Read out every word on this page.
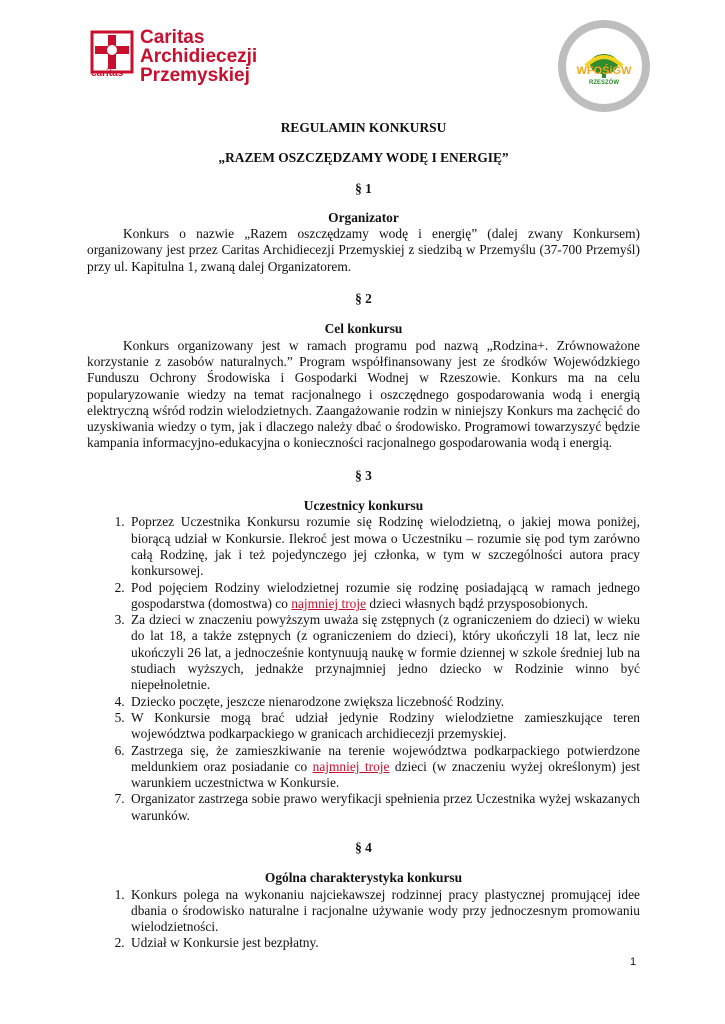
caritas
Caritas
Archidiecezji
Przemyskiej	WFOŚiGW
RZESZÓW
REGULAMIN KONKURSU
„RAZEM OSZCZĘDZAMY WODĘ I ENERGIĘ”
§ 1
Organizator

Konkurs o nazwie „Razem oszczędzamy wodę i energię” (dalej zwany Konkursem) organizowany jest przez Caritas Archidiecezji Przemyskiej z siedzibą w Przemyślu (37-700 Przemyśl) przy ul. Kapitulna 1, zwaną dalej Organizatorem.

§ 2
Cel konkursu

Konkurs organizowany jest w ramach programu pod nazwą „Rodzina+. Zrównoważone korzystanie z zasobów naturalnych.” Program współfinansowany jest ze środków Wojewódzkiego Funduszu Ochrony Środowiska i Gospodarki Wodnej w Rzeszowie. Konkurs ma na celu popularyzowanie wiedzy na temat racjonalnego i oszczędnego gospodarowania wodą i energią elektryczną wśród rodzin wielodzietnych. Zaangażowanie rodzin w niniejszy Konkurs ma zachęcić do uzyskiwania wiedzy o tym, jak i dlaczego należy dbać o środowisko. Programowi towarzyszyć będzie kampania informacyjno-edukacyjna o konieczności racjonalnego gospodarowania wodą i energią.

§ 3
Uczestnicy konkursu
1. Poprzez Uczestnika Konkursu rozumie się Rodzinę wielodzietną, o jakiej mowa poniżej, biorącą udział w Konkursie. Ilekroć jest mowa o Uczestniku – rozumie się pod tym zarówno całą Rodzinę, jak i też pojedynczego jej członka, w tym w szczególności autora pracy konkursowej.
2. Pod pojęciem Rodziny wielodzietnej rozumie się rodzinę posiadającą w ramach jednego gospodarstwa (domostwa) co najmniej troje dzieci własnych bądź przysposobionych.
3. Za dzieci w znaczeniu powyższym uważa się zstępnych (z ograniczeniem do dzieci) w wieku do lat 18, a także zstępnych (z ograniczeniem do dzieci), który ukończyli 18 lat, lecz nie ukończyli 26 lat, a jednocześnie kontynuują naukę w formie dziennej w szkole średniej lub na studiach wyższych, jednakże przynajmniej jedno dziecko w Rodzinie winno być niepełnoletnie.
4. Dziecko poczęte, jeszcze nienarodzone zwiększa liczebność Rodziny.
5. W Konkursie mogą brać udział jedynie Rodziny wielodzietne zamieszkujące teren województwa podkarpackiego w granicach archidiecezji przemyskiej.
6. Zastrzega się, że zamieszkiwanie na terenie województwa podkarpackiego potwierdzone meldunkiem oraz posiadanie co najmniej troje dzieci (w znaczeniu wyżej określonym) jest warunkiem uczestnictwa w Konkursie.
7. Organizator zastrzega sobie prawo weryfikacji spełnienia przez Uczestnika wyżej wskazanych warunków.
§ 4
Ogólna charakterystyka konkursu
1. Konkurs polega na wykonaniu najciekawszej rodzinnej pracy plastycznej promującej idee dbania o środowisko naturalne i racjonalne używanie wody przy jednoczesnym promowaniu wielodzietności.
2. Udział w Konkursie jest bezpłatny.
1
